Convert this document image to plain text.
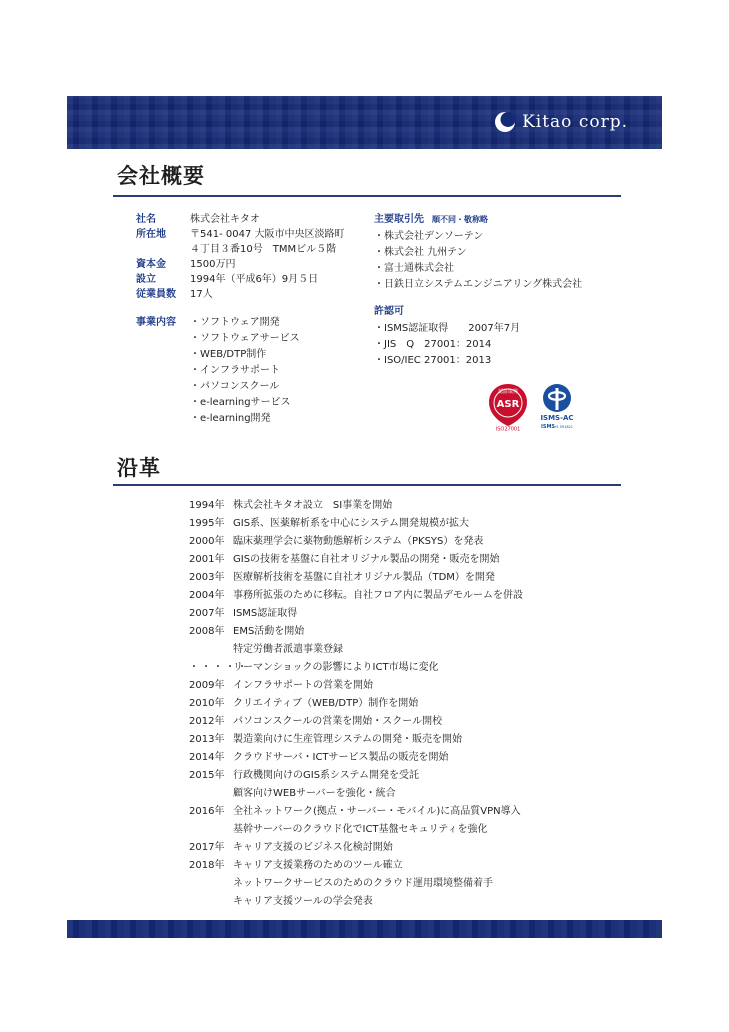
Kitao corp.
会社概要
社名	株式会社キタオ
所在地	〒541- 0047 大阪市中央区淡路町
４丁目３番10号　TMMビル５階
資本金	1500万円
設立	1994年（平成6年）9月５日
従業員数	17人
事業内容	・ソフトウェア開発
・ソフトウェアサービス
・WEB/DTP制作
・インフラサポート
・パソコンスクール
・e-learningサービス
・e-learning開発
主要取引先 順不同・敬称略
・株式会社デンソーテン
・株式会社 九州テン
・富士通株式会社
・日鉄日立システムエンジニアリング株式会社
許認可
・ISMS認証取得　　2007年7月
・JIS　Q　27001：2014
・ISO/IEC 27001：2013
認証取得
ASR
ISO27001
ISMS-AC
ISMS IS 591821
沿革
1994年 株式会社キタオ設立　SI事業を開始
1995年 GIS系、医薬解析系を中心にシステム開発規模が拡大
2000年 臨床薬理学会に薬物動態解析システム（PKSYS）を発表
2001年 GISの技術を基盤に自社オリジナル製品の開発・販売を開始
2003年 医療解析技術を基盤に自社オリジナル製品（TDM）を開発
2004年 事務所拡張のために移転。自社フロア内に製品デモルームを併設
2007年 ISMS認証取得
2008年 EMS活動を開始
特定労働者派遣事業登録
・・・・・
リーマンショックの影響によりICT市場に変化
2009年 インフラサポートの営業を開始
2010年 クリエイティブ（WEB/DTP）制作を開始
2012年 パソコンスクールの営業を開始・スクール開校
2013年 製造業向けに生産管理システムの開発・販売を開始
2014年 クラウドサーバ・ICTサービス製品の販売を開始
2015年 行政機関向けのGIS系システム開発を受託
顧客向けWEBサーバーを強化・統合
2016年 全社ネットワーク(拠点・サーバー・モバイル)に高品質VPN導入
基幹サーバーのクラウド化でICT基盤セキュリティを強化
2017年 キャリア支援のビジネス化検討開始
2018年 キャリア支援業務のためのツール確立
ネットワークサービスのためのクラウド運用環境整備着手
キャリア支援ツールの学会発表
